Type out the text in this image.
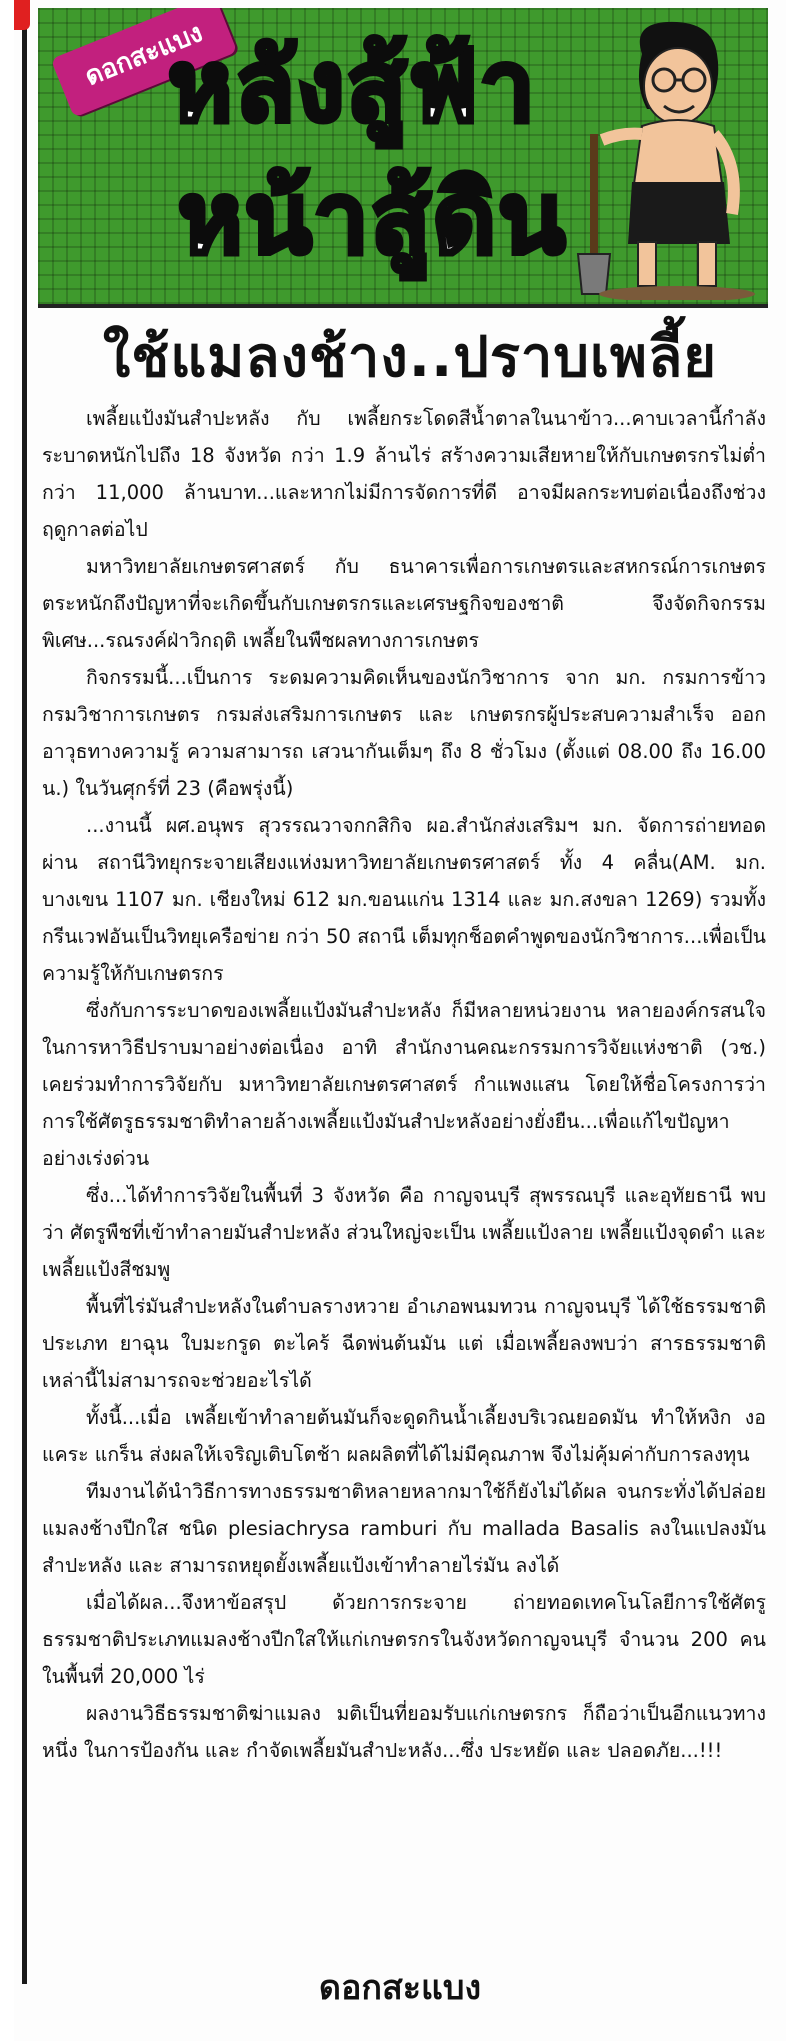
ดอกสะแบง
หลังสู้ฟ้า
หน้าสู้ดิน
ใช้แมลงช้าง..ปราบเพลี้ย

เพลี้ยแป้งมันสำปะหลัง กับ เพลี้ยกระโดดสีน้ำตาลในนาข้าว...คาบเวลานี้กำลังระบาดหนักไปถึง 18 จังหวัด กว่า 1.9 ล้านไร่ สร้างความเสียหายให้กับเกษตรกรไม่ต่ำกว่า 11,000 ล้านบาท...และหากไม่มีการจัดการที่ดี อาจมีผลกระทบต่อเนื่องถึงช่วงฤดูกาลต่อไป

มหาวิทยาลัยเกษตรศาสตร์ กับ ธนาคารเพื่อการเกษตรและสหกรณ์การเกษตร ตระหนักถึงปัญหาที่จะเกิดขึ้นกับเกษตรกรและเศรษฐกิจของชาติ จึงจัดกิจกรรมพิเศษ...รณรงค์ฝ่าวิกฤติ เพลี้ยในพืชผลทางการเกษตร

กิจกรรมนี้...เป็นการ ระดมความคิดเห็นของนักวิชาการ จาก มก. กรมการข้าว กรมวิชาการเกษตร กรมส่งเสริมการเกษตร และ เกษตรกรผู้ประสบความสำเร็จ ออกอาวุธทางความรู้ ความสามารถ เสวนากันเต็มๆ ถึง 8 ชั่วโมง (ตั้งแต่ 08.00 ถึง 16.00 น.) ในวันศุกร์ที่ 23 (คือพรุ่งนี้)

...งานนี้ ผศ.อนุพร สุวรรณวาจกกสิกิจ ผอ.สำนักส่งเสริมฯ มก. จัดการถ่ายทอด ผ่าน สถานีวิทยุกระจายเสียงแห่งมหาวิทยาลัยเกษตรศาสตร์ ทั้ง 4 คลื่น(AM. มก. บางเขน 1107 มก. เชียงใหม่ 612 มก.ขอนแก่น 1314 และ มก.สงขลา 1269) รวมทั้งกรีนเวฟอันเป็นวิทยุเครือข่าย กว่า 50 สถานี เต็มทุกช็อตคำพูดของนักวิชาการ...เพื่อเป็นความรู้ให้กับเกษตรกร

ซึ่งกับการระบาดของเพลี้ยแป้งมันสำปะหลัง ก็มีหลายหน่วยงาน หลายองค์กรสนใจในการหาวิธีปราบมาอย่างต่อเนื่อง อาทิ สำนักงานคณะกรรมการวิจัยแห่งชาติ (วช.) เคยร่วมทำการวิจัยกับ มหาวิทยาลัยเกษตรศาสตร์ กำแพงแสน โดยให้ชื่อโครงการว่า การใช้ศัตรูธรรมชาติทำลายล้างเพลี้ยแป้งมันสำปะหลังอย่างยั่งยืน...เพื่อแก้ไขปัญหาอย่างเร่งด่วน

ซึ่ง...ได้ทำการวิจัยในพื้นที่ 3 จังหวัด คือ กาญจนบุรี สุพรรณบุรี และอุทัยธานี พบว่า ศัตรูพืชที่เข้าทำลายมันสำปะหลัง ส่วนใหญ่จะเป็น เพลี้ยแป้งลาย เพลี้ยแป้งจุดดำ และ เพลี้ยแป้งสีชมพู

พื้นที่ไร่มันสำปะหลังในตำบลรางหวาย อำเภอพนมทวน กาญจนบุรี ได้ใช้ธรรมชาติประเภท ยาฉุน ใบมะกรูด ตะไคร้ ฉีดพ่นต้นมัน แต่ เมื่อเพลี้ยลงพบว่า สารธรรมชาติเหล่านี้ไม่สามารถจะช่วยอะไรได้

ทั้งนี้...เมื่อ เพลี้ยเข้าทำลายต้นมันก็จะดูดกินน้ำเลี้ยงบริเวณยอดมัน ทำให้หงิก งอ แคระ แกร็น ส่งผลให้เจริญเติบโตช้า ผลผลิตที่ได้ไม่มีคุณภาพ จึงไม่คุ้มค่ากับการลงทุน

ทีมงานได้นำวิธีการทางธรรมชาติหลายหลากมาใช้ก็ยังไม่ได้ผล จนกระทั่งได้ปล่อย แมลงช้างปีกใส ชนิด plesiachrysa ramburi กับ mallada Basalis ลงในแปลงมันสำปะหลัง และ สามารถหยุดยั้งเพลี้ยแป้งเข้าทำลายไร่มัน ลงได้

เมื่อได้ผล...จึงหาข้อสรุป ด้วยการกระจาย ถ่ายทอดเทคโนโลยีการใช้ศัตรูธรรมชาติประเภทแมลงช้างปีกใสให้แก่เกษตรกรในจังหวัดกาญจนบุรี จำนวน 200 คน ในพื้นที่ 20,000 ไร่

ผลงานวิธีธรรมชาติฆ่าแมลง มติเป็นที่ยอมรับแก่เกษตรกร ก็ถือว่าเป็นอีกแนวทางหนึ่ง ในการป้องกัน และ กำจัดเพลี้ยมันสำปะหลัง...ซึ่ง ประหยัด และ ปลอดภัย...!!!

ดอกสะแบง
